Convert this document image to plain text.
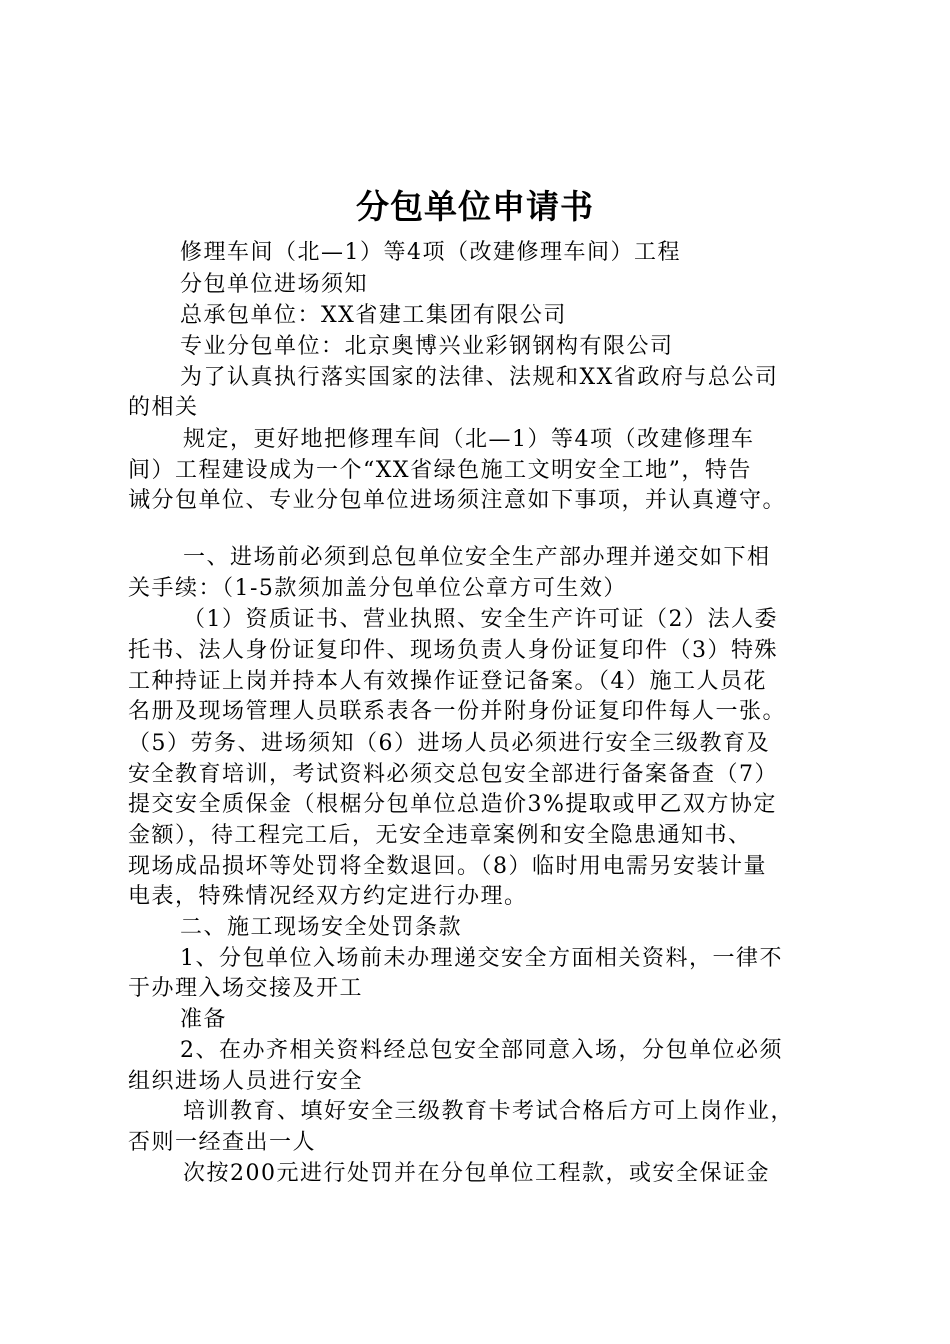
分包单位申请书
修理车间（北—1）等4项（改建修理车间）工程
分包单位进场须知
总承包单位：XX省建工集团有限公司
专业分包单位：北京奥博兴业彩钢钢构有限公司
为了认真执行落实国家的法律、法规和XX省政府与总公司
的相关
规定，更好地把修理车间（北—1）等4项（改建修理车
间）工程建设成为一个“XX省绿色施工文明安全工地”，特告
诫分包单位、专业分包单位进场须注意如下事项，并认真遵守。
一、进场前必须到总包单位安全生产部办理并递交如下相
关手续：（1-5款须加盖分包单位公章方可生效）
（1）资质证书、营业执照、安全生产许可证（2）法人委
托书、法人身份证复印件、现场负责人身份证复印件（3）特殊
工种持证上岗并持本人有效操作证登记备案。（4）施工人员花
名册及现场管理人员联系表各一份并附身份证复印件每人一张。
（5）劳务、进场须知（6）进场人员必须进行安全三级教育及
安全教育培训，考试资料必须交总包安全部进行备案备查（7）
提交安全质保金（根椐分包单位总造价3%提取或甲乙双方协定
金额），待工程完工后，无安全违章案例和安全隐患通知书、
现场成品损坏等处罚将全数退回。（8）临时用电需另安装计量
电表，特殊情况经双方约定进行办理。
二、施工现场安全处罚条款
1、分包单位入场前未办理递交安全方面相关资料，一律不
于办理入场交接及开工
准备
2、在办齐相关资料经总包安全部同意入场，分包单位必须
组织进场人员进行安全
培训教育、填好安全三级教育卡考试合格后方可上岗作业，
否则一经查出一人
次按200元进行处罚并在分包单位工程款，或安全保证金
